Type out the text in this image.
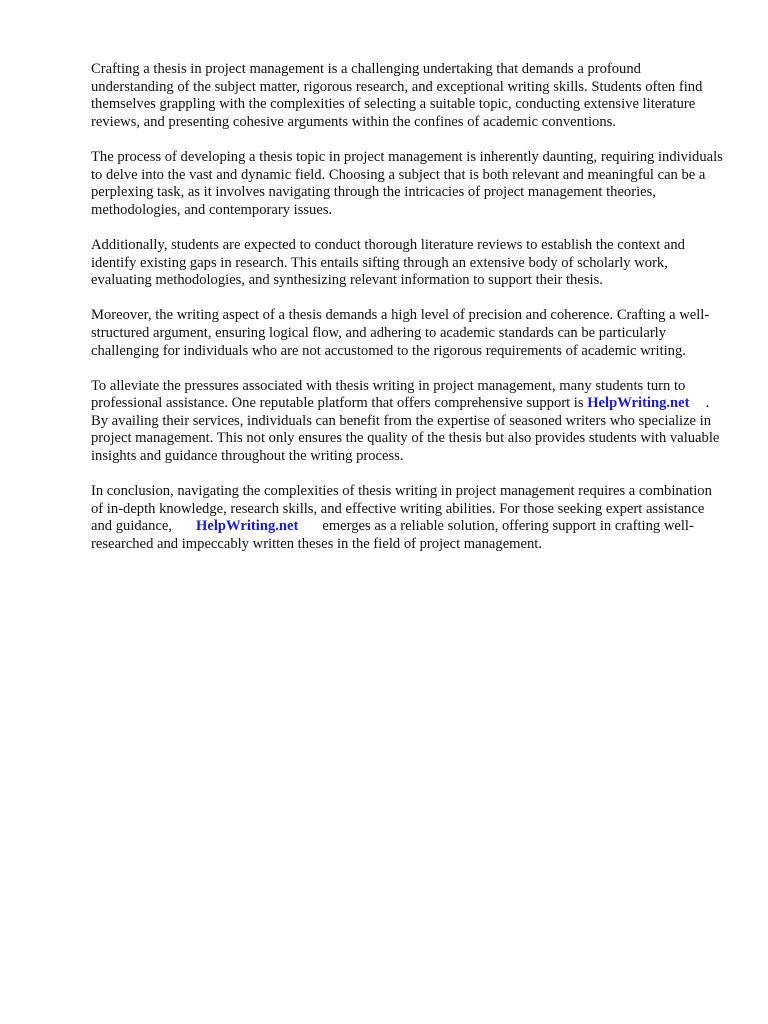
Crafting a thesis in project management is a challenging undertaking that demands a profound understanding of the subject matter, rigorous research, and exceptional writing skills. Students often find themselves grappling with the complexities of selecting a suitable topic, conducting extensive literature reviews, and presenting cohesive arguments within the confines of academic conventions.

The process of developing a thesis topic in project management is inherently daunting, requiring individuals to delve into the vast and dynamic field. Choosing a subject that is both relevant and meaningful can be a perplexing task, as it involves navigating through the intricacies of project management theories, methodologies, and contemporary issues.

Additionally, students are expected to conduct thorough literature reviews to establish the context and identify existing gaps in research. This entails sifting through an extensive body of scholarly work, evaluating methodologies, and synthesizing relevant information to support their thesis.

Moreover, the writing aspect of a thesis demands a high level of precision and coherence. Crafting a well-structured argument, ensuring logical flow, and adhering to academic standards can be particularly challenging for individuals who are not accustomed to the rigorous requirements of academic writing.

To alleviate the pressures associated with thesis writing in project management, many students turn to professional assistance. One reputable platform that offers comprehensive support is HelpWriting.net . By availing their services, individuals can benefit from the expertise of seasoned writers who specialize in project management. This not only ensures the quality of the thesis but also provides students with valuable insights and guidance throughout the writing process.

In conclusion, navigating the complexities of thesis writing in project management requires a combination of in-depth knowledge, research skills, and effective writing abilities. For those seeking expert assistance and guidance, HelpWriting.net emerges as a reliable solution, offering support in crafting well-researched and impeccably written theses in the field of project management.
